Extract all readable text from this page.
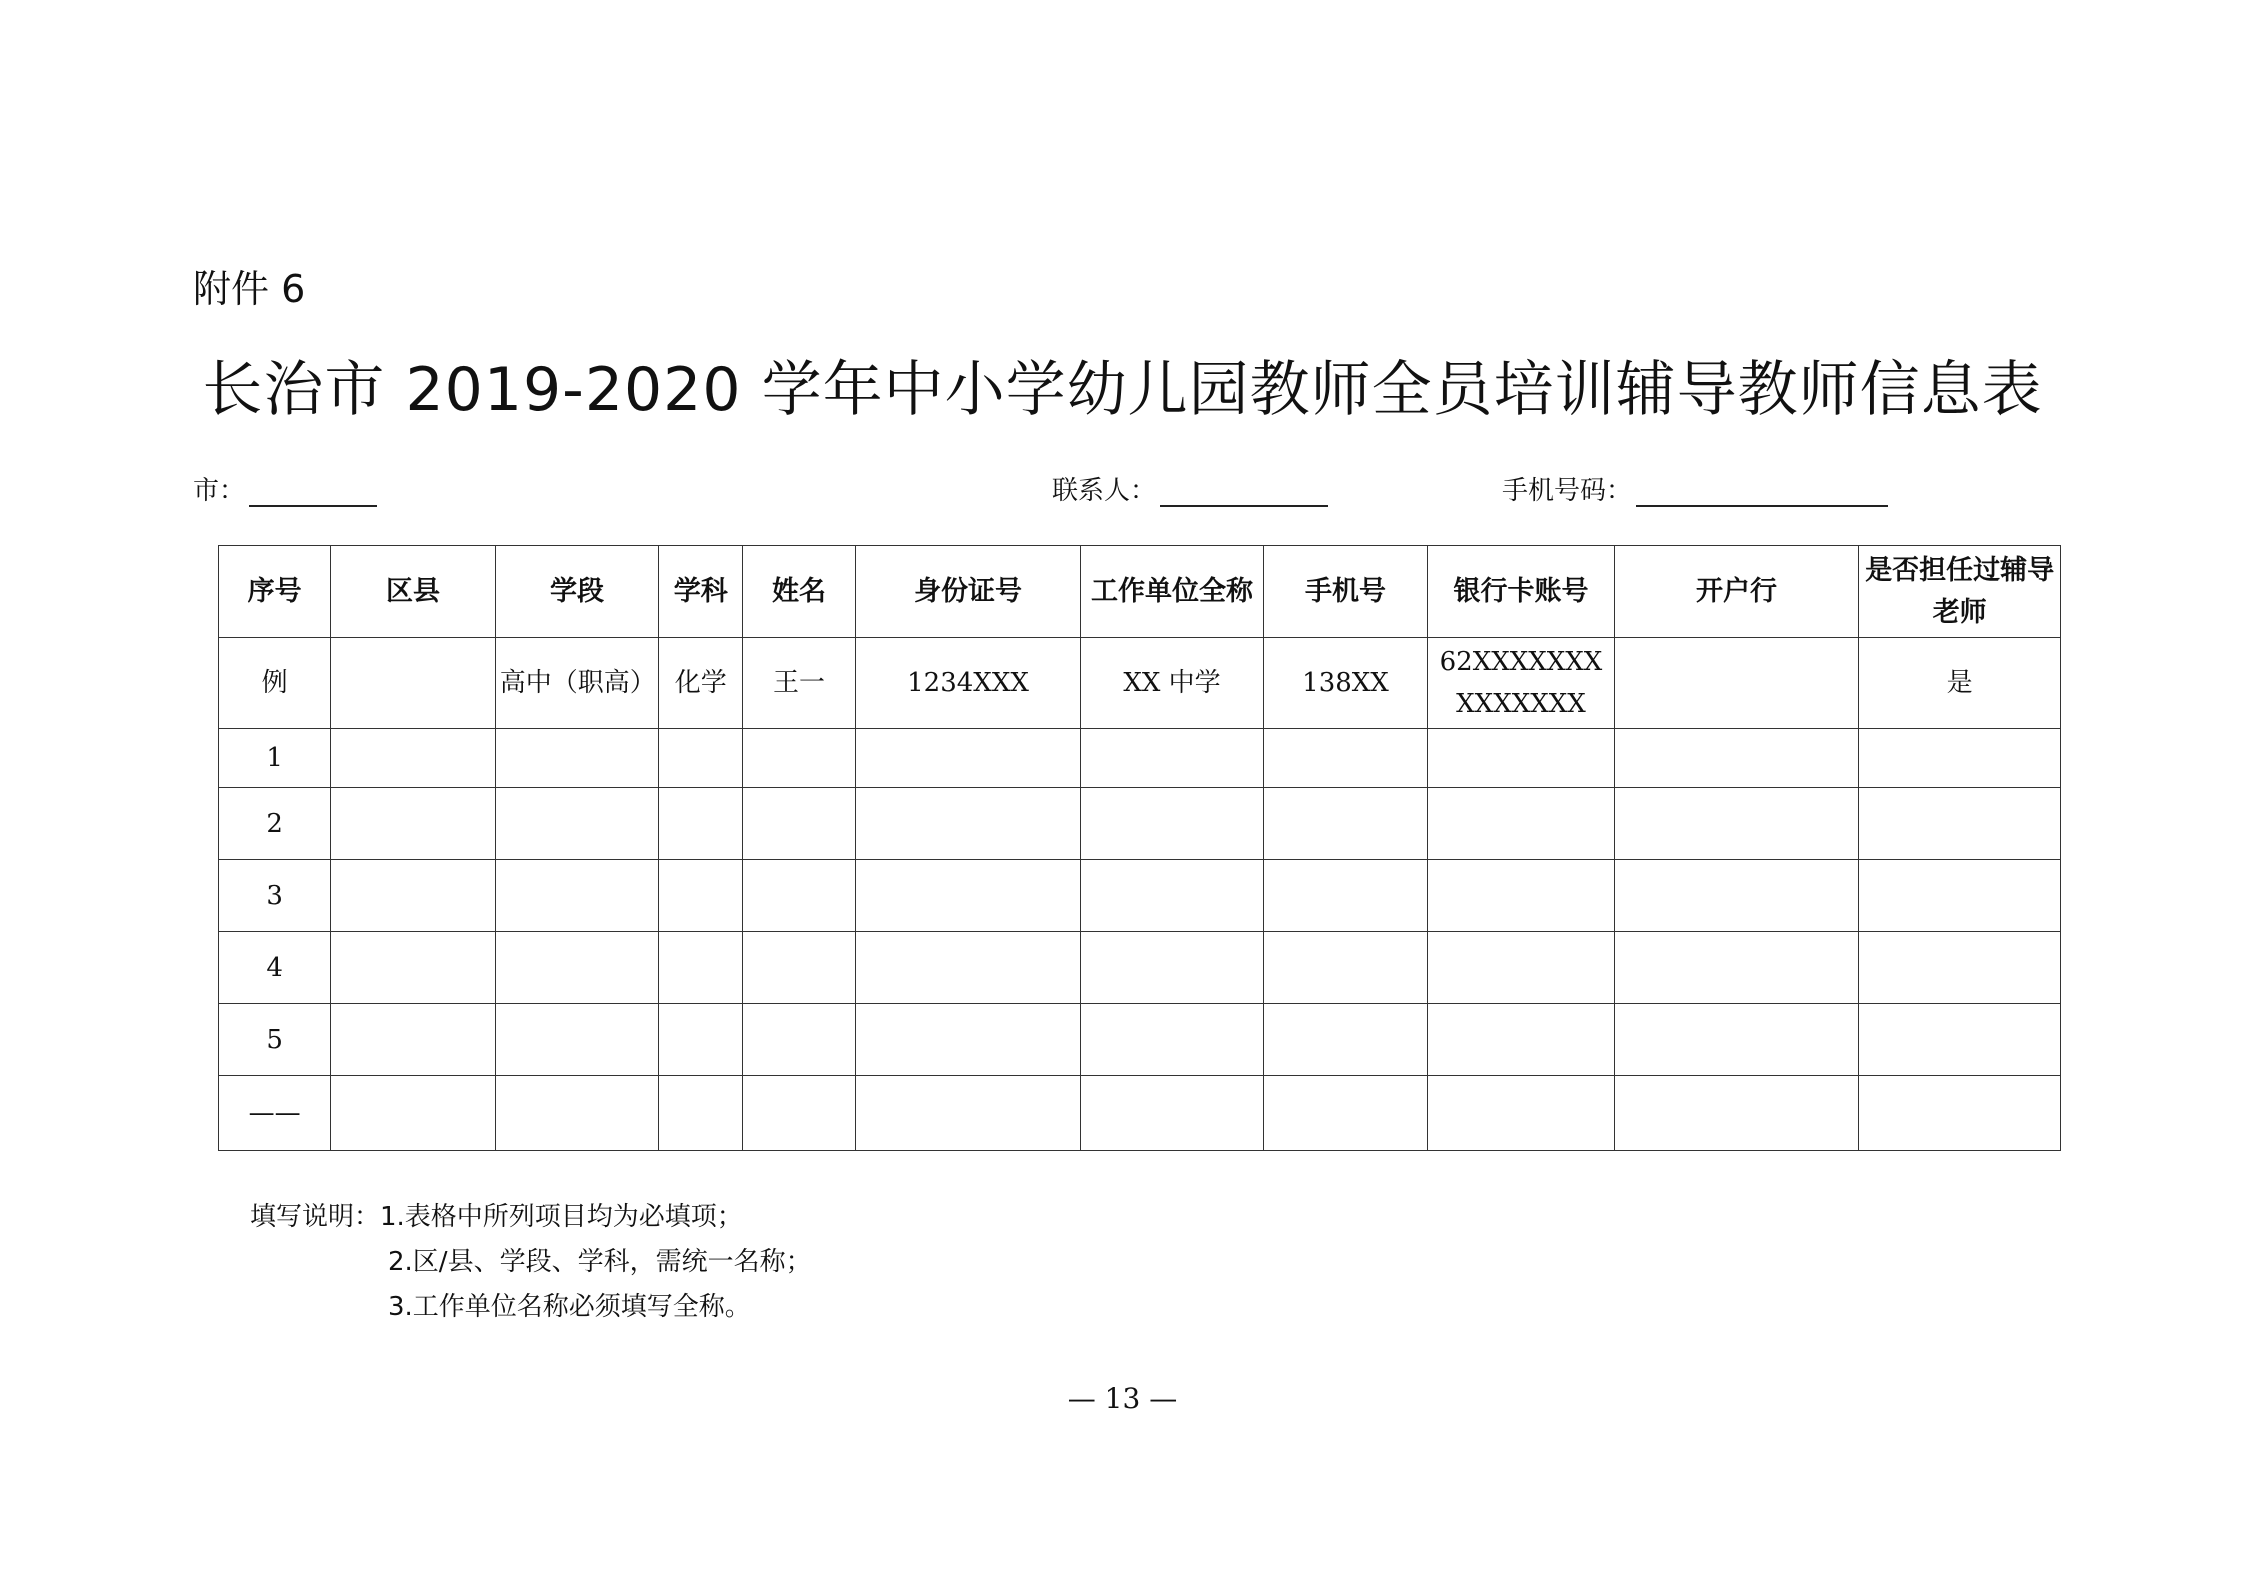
附件 6
长治市 2019-2020 学年中小学幼儿园教师全员培训辅导教师信息表
市：	联系人：	手机号码：
序号	区县	学段	学科	姓名	身份证号	工作单位全称	手机号	银行卡账号	开户行	是否担任过辅导老师
例		高中（职高）	化学	王一	1234XXX	XX 中学	138XX	62XXXXXXXXXXXXXX		是
1										
2										
3										
4										
5										
——										
填写说明：1.表格中所列项目均为必填项；
2.区/县、学段、学科，需统一名称；
3.工作单位名称必须填写全称。
— 13 —
